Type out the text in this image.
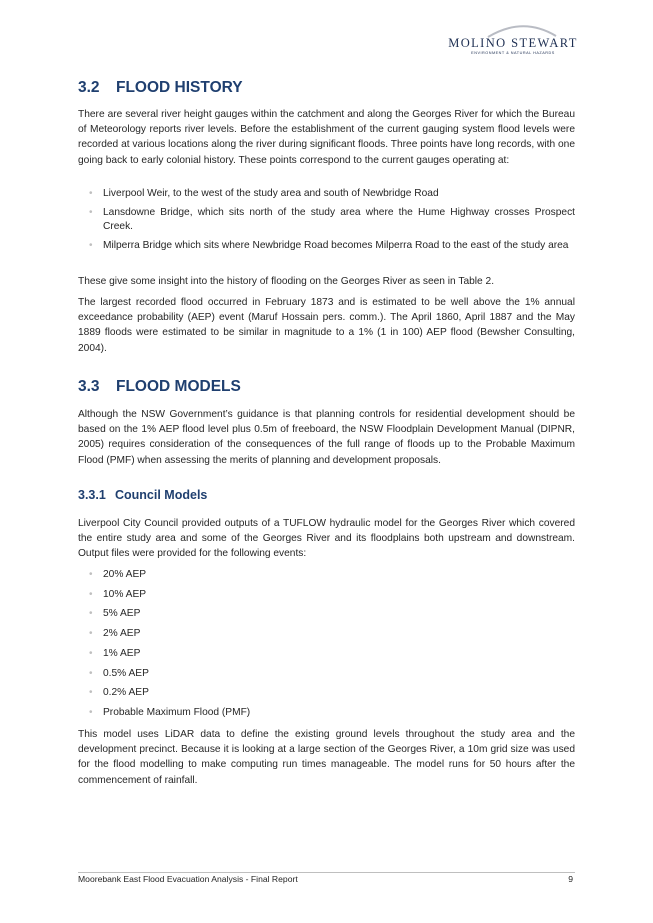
MOLINO STEWART
ENVIRONMENT & NATURAL HAZARDS
3.2 FLOOD HISTORY

There are several river height gauges within the catchment and along the Georges River for which the Bureau of Meteorology reports river levels. Before the establishment of the current gauging system flood levels were recorded at various locations along the river during significant floods. Three points have long records, with one going back to early colonial history. These points correspond to the current gauges operating at:

• Liverpool Weir, to the west of the study area and south of Newbridge Road
• Lansdowne Bridge, which sits north of the study area where the Hume Highway crosses Prospect Creek.
• Milperra Bridge which sits where Newbridge Road becomes Milperra Road to the east of the study area

These give some insight into the history of flooding on the Georges River as seen in Table 2.

The largest recorded flood occurred in February 1873 and is estimated to be well above the 1% annual exceedance probability (AEP) event (Maruf Hossain pers. comm.). The April 1860, April 1887 and the May 1889 floods were estimated to be similar in magnitude to a 1% (1 in 100) AEP flood (Bewsher Consulting, 2004).

3.3 FLOOD MODELS

Although the NSW Government’s guidance is that planning controls for residential development should be based on the 1% AEP flood level plus 0.5m of freeboard, the NSW Floodplain Development Manual (DIPNR, 2005) requires consideration of the consequences of the full range of floods up to the Probable Maximum Flood (PMF) when assessing the merits of planning and development proposals.

3.3.1 Council Models

Liverpool City Council provided outputs of a TUFLOW hydraulic model for the Georges River which covered the entire study area and some of the Georges River and its floodplains both upstream and downstream. Output files were provided for the following events:

• 20% AEP
• 10% AEP
• 5% AEP
• 2% AEP
• 1% AEP
• 0.5% AEP
• 0.2% AEP
• Probable Maximum Flood (PMF)

This model uses LiDAR data to define the existing ground levels throughout the study area and the development precinct. Because it is looking at a large section of the Georges River, a 10m grid size was used for the flood modelling to make computing run times manageable. The model runs for 50 hours after the commencement of rainfall.

Moorebank East Flood Evacuation Analysis - Final Report	9
